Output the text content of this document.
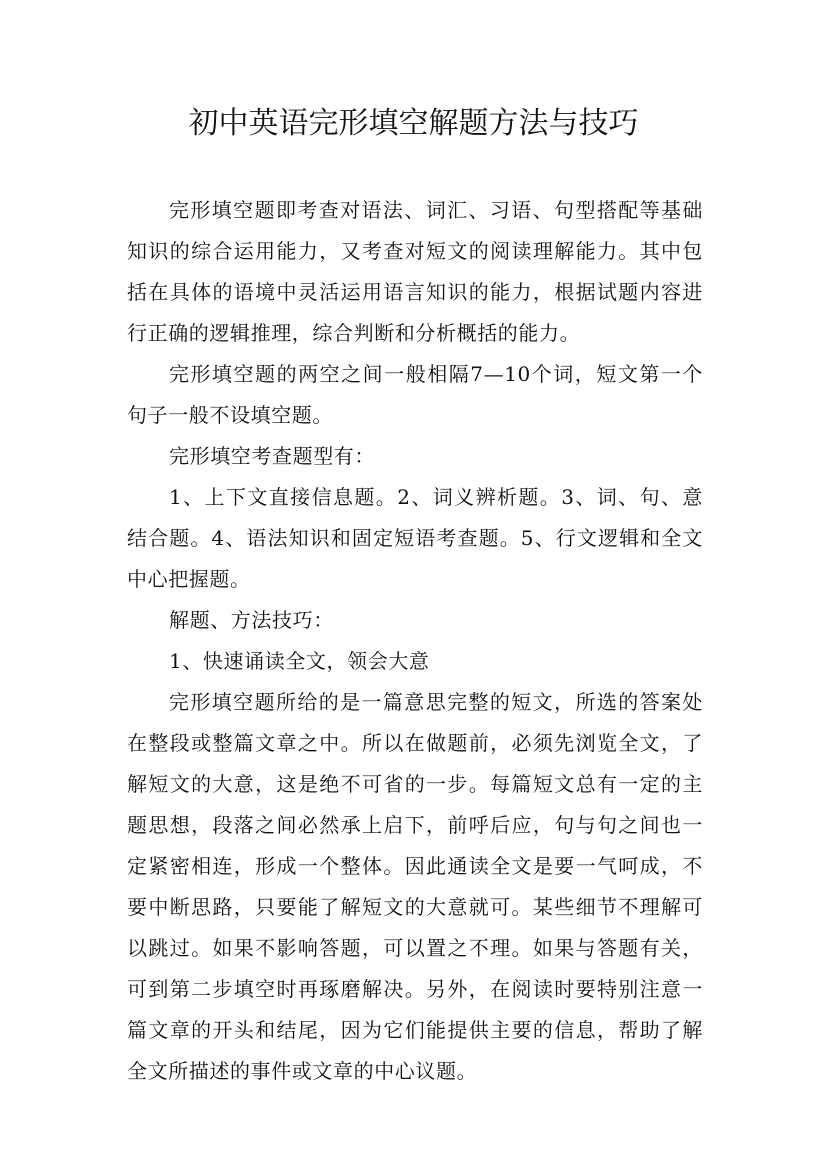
初中英语完形填空解题方法与技巧

完形填空题即考查对语法、词汇、习语、句型搭配等基础知识的综合运用能力，又考查对短文的阅读理解能力。其中包括在具体的语境中灵活运用语言知识的能力，根据试题内容进行正确的逻辑推理，综合判断和分析概括的能力。

完形填空题的两空之间一般相隔7—10个词，短文第一个句子一般不设填空题。

完形填空考查题型有：

1、上下文直接信息题。2、词义辨析题。3、词、句、意结合题。4、语法知识和固定短语考查题。5、行文逻辑和全文中心把握题。

解题、方法技巧：

1、快速诵读全文，领会大意

完形填空题所给的是一篇意思完整的短文，所选的答案处在整段或整篇文章之中。所以在做题前，必须先浏览全文，了解短文的大意，这是绝不可省的一步。每篇短文总有一定的主题思想，段落之间必然承上启下，前呼后应，句与句之间也一定紧密相连，形成一个整体。因此通读全文是要一气呵成，不要中断思路，只要能了解短文的大意就可。某些细节不理解可以跳过。如果不影响答题，可以置之不理。如果与答题有关，可到第二步填空时再琢磨解决。另外，在阅读时要特别注意一篇文章的开头和结尾，因为它们能提供主要的信息，帮助了解全文所描述的事件或文章的中心议题。
